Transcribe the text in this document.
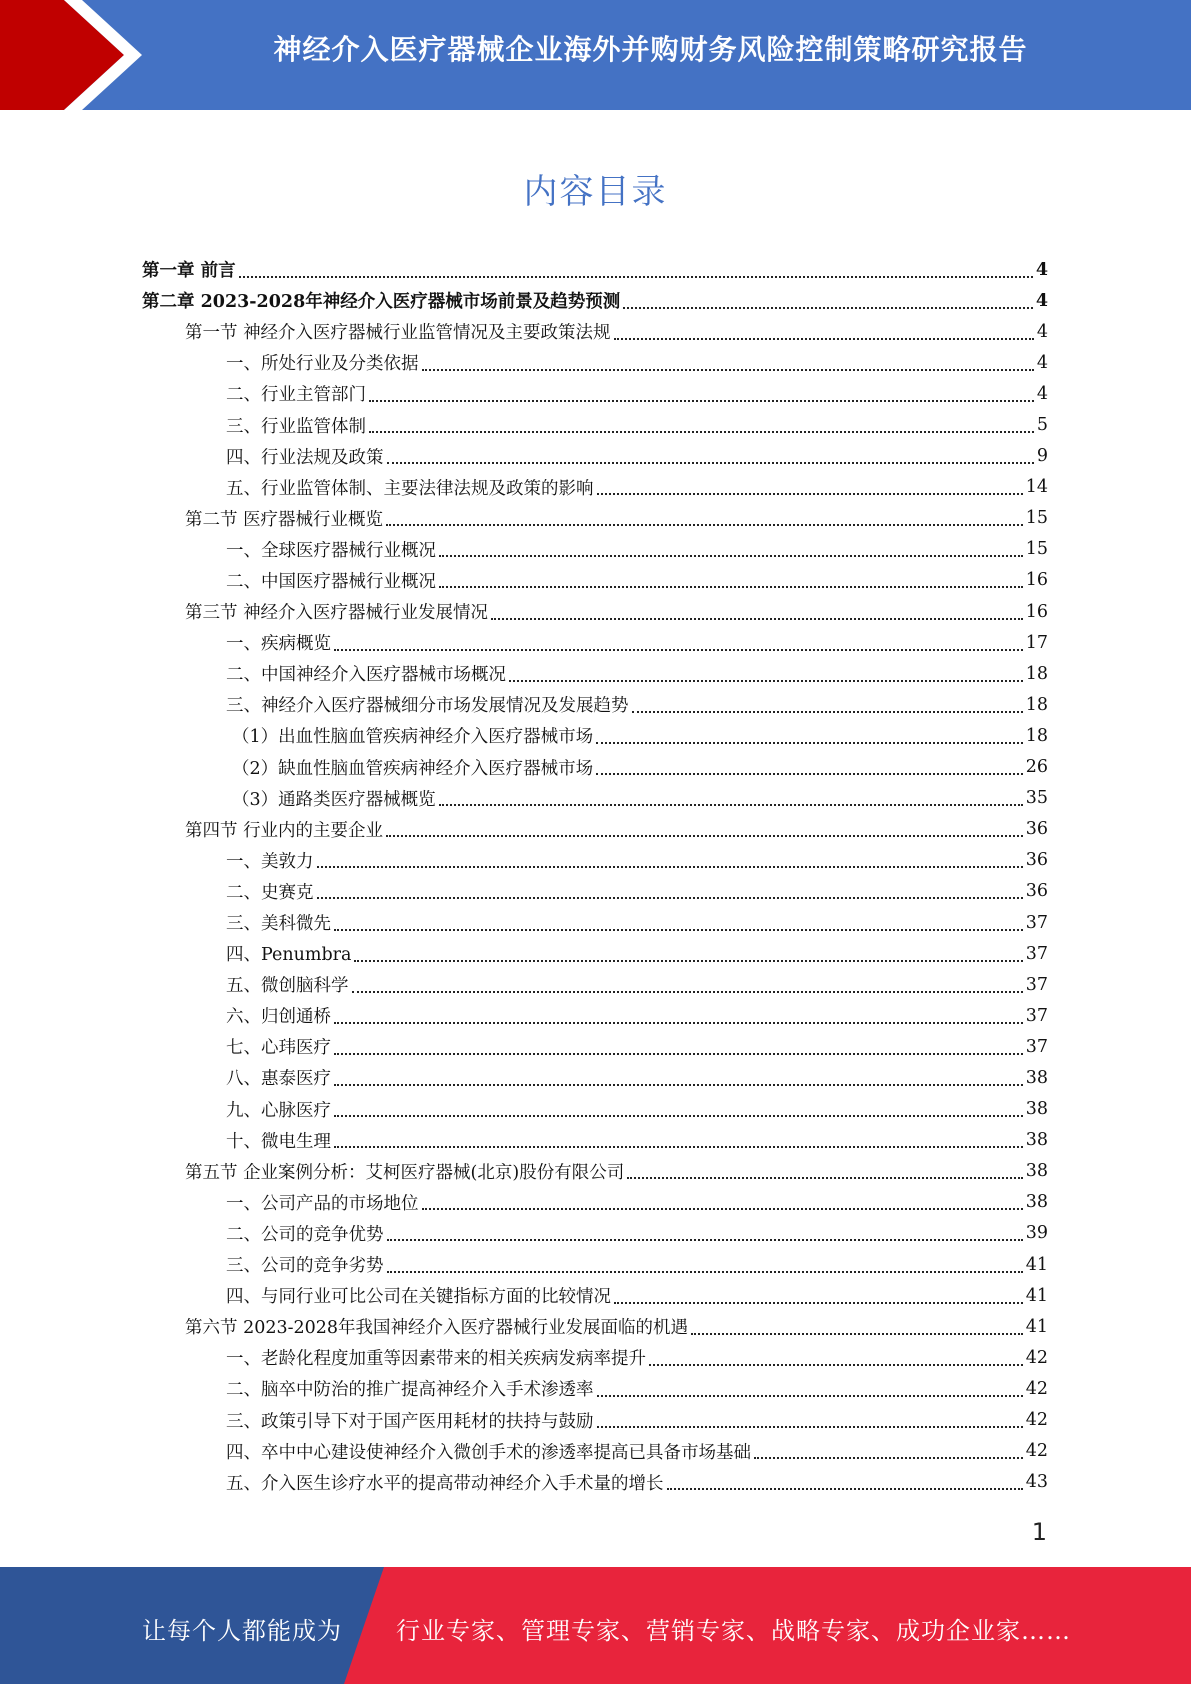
神经介入医疗器械企业海外并购财务风险控制策略研究报告
内容目录
第一章 前言	4
第二章 2023-2028年神经介入医疗器械市场前景及趋势预测	4
第一节 神经介入医疗器械行业监管情况及主要政策法规	4
一、所处行业及分类依据	4
二、行业主管部门	4
三、行业监管体制	5
四、行业法规及政策	9
五、行业监管体制、主要法律法规及政策的影响	14
第二节 医疗器械行业概览	15
一、全球医疗器械行业概况	15
二、中国医疗器械行业概况	16
第三节 神经介入医疗器械行业发展情况	16
一、疾病概览	17
二、中国神经介入医疗器械市场概况	18
三、神经介入医疗器械细分市场发展情况及发展趋势	18
（1）出血性脑血管疾病神经介入医疗器械市场	18
（2）缺血性脑血管疾病神经介入医疗器械市场	26
（3）通路类医疗器械概览	35
第四节 行业内的主要企业	36
一、美敦力	36
二、史赛克	36
三、美科微先	37
四、Penumbra	37
五、微创脑科学	37
六、归创通桥	37
七、心玮医疗	37
八、惠泰医疗	38
九、心脉医疗	38
十、微电生理	38
第五节 企业案例分析：艾柯医疗器械(北京)股份有限公司	38
一、公司产品的市场地位	38
二、公司的竞争优势	39
三、公司的竞争劣势	41
四、与同行业可比公司在关键指标方面的比较情况	41
第六节 2023-2028年我国神经介入医疗器械行业发展面临的机遇	41
一、老龄化程度加重等因素带来的相关疾病发病率提升	42
二、脑卒中防治的推广提高神经介入手术渗透率	42
三、政策引导下对于国产医用耗材的扶持与鼓励	42
四、卒中中心建设使神经介入微创手术的渗透率提高已具备市场基础	42
五、介入医生诊疗水平的提高带动神经介入手术量的增长	43
1
让每个人都能成为 行业专家、管理专家、营销专家、战略专家、成功企业家……
